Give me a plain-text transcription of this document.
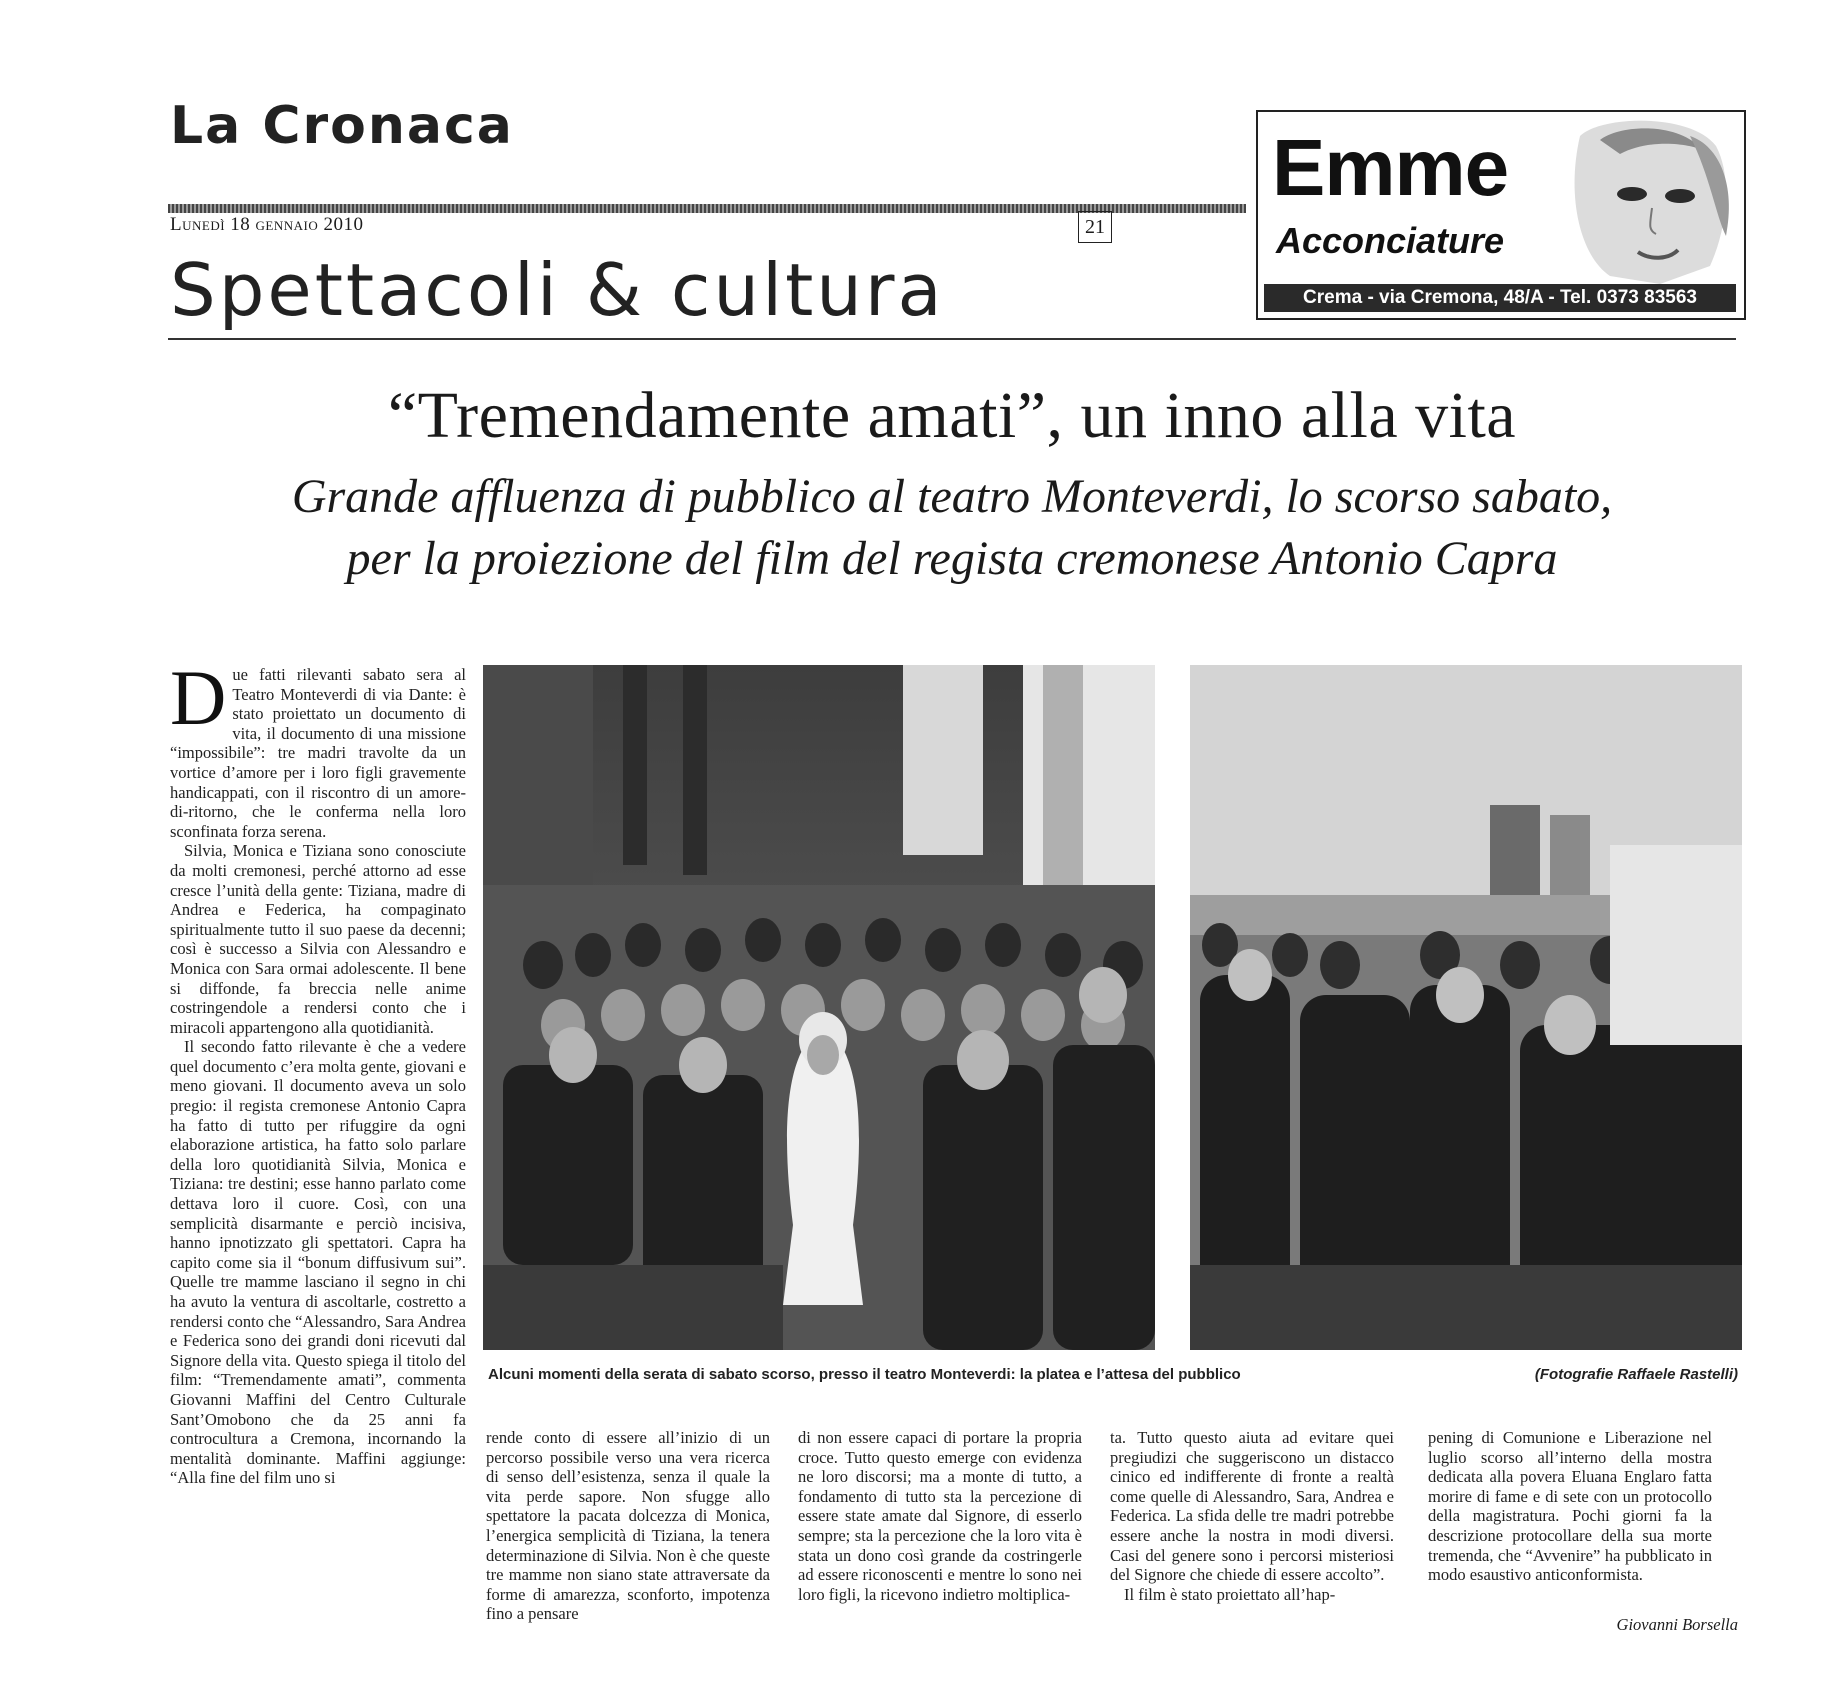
La Cronaca
Lunedì 18 gennaio 2010	21
Spettacoli & cultura
Emme
Acconciature
Crema - via Cremona, 48/A - Tel. 0373 83563
“Tremendamente amati”, un inno alla vita
Grande affluenza di pubblico al teatro Monteverdi, lo scorso sabato,
per la proiezione del film del regista cremonese Antonio Capra

Due fatti rilevanti sabato sera al Teatro Monteverdi di via Dante: è stato proiettato un documento di vita, il documento di una missione “impossibile”: tre madri travolte da un vortice d’amore per i loro figli gravemente handicappati, con il riscontro di un amore-di-ritorno, che le conferma nella loro sconfinata forza serena.

Silvia, Monica e Tiziana sono conosciute da molti cremonesi, perché attorno ad esse cresce l’unità della gente: Tiziana, madre di Andrea e Federica, ha compaginato spiritualmente tutto il suo paese da decenni; così è successo a Silvia con Alessandro e Monica con Sara ormai adolescente. Il bene si diffonde, fa breccia nelle anime costringendole a rendersi conto che i miracoli appartengono alla quotidianità.

Il secondo fatto rilevante è che a vedere quel documento c’era molta gente, giovani e meno giovani. Il documento aveva un solo pregio: il regista cremonese Antonio Capra ha fatto di tutto per rifuggire da ogni elaborazione artistica, ha fatto solo parlare della loro quotidianità Silvia, Monica e Tiziana: tre destini; esse hanno parlato come dettava loro il cuore. Così, con una semplicità disarmante e perciò incisiva, hanno ipnotizzato gli spettatori. Capra ha capito come sia il “bonum diffusivum sui”. Quelle tre mamme lasciano il segno in chi ha avuto la ventura di ascoltarle, costretto a rendersi conto che “Alessandro, Sara Andrea e Federica sono dei grandi doni ricevuti dal Signore della vita. Questo spiega il titolo del film: “Tremendamente amati”, commenta Giovanni Maffini del Centro Culturale Sant’Omobono che da 25 anni fa controcultura a Cremona, incornando la mentalità dominante. Maffini aggiunge: “Alla fine del film uno si

Alcuni momenti della serata di sabato scorso, presso il teatro Monteverdi: la platea e l’attesa del pubblico	(Fotografie Raffaele Rastelli)

rende conto di essere all’inizio di un percorso possibile verso una vera ricerca di senso dell’esistenza, senza il quale la vita perde sapore. Non sfugge allo spettatore la pacata dolcezza di Monica, l’energica semplicità di Tiziana, la tenera determinazione di Silvia. Non è che queste tre mamme non siano state attraversate da forme di amarezza, sconforto, impotenza fino a pensare

di non essere capaci di portare la propria croce. Tutto questo emerge con evidenza ne loro discorsi; ma a monte di tutto, a fondamento di tutto sta la percezione di essere state amate dal Signore, di esserlo sempre; sta la percezione che la loro vita è stata un dono così grande da costringerle ad essere riconoscenti e mentre lo sono nei loro figli, la ricevono indietro moltiplica-

ta. Tutto questo aiuta ad evitare quei pregiudizi che suggeriscono un distacco cinico ed indifferente di fronte a realtà come quelle di Alessandro, Sara, Andrea e Federica. La sfida delle tre madri potrebbe essere anche la nostra in modi diversi. Casi del genere sono i percorsi misteriosi del Signore che chiede di essere accolto”.

Il film è stato proiettato all’hap-

pening di Comunione e Liberazione nel luglio scorso all’interno della mostra dedicata alla povera Eluana Englaro fatta morire di fame e di sete con un protocollo della magistratura. Pochi giorni fa la descrizione protocollare della sua morte tremenda, che “Avvenire” ha pubblicato in modo esaustivo anticonformista.

Giovanni Borsella
